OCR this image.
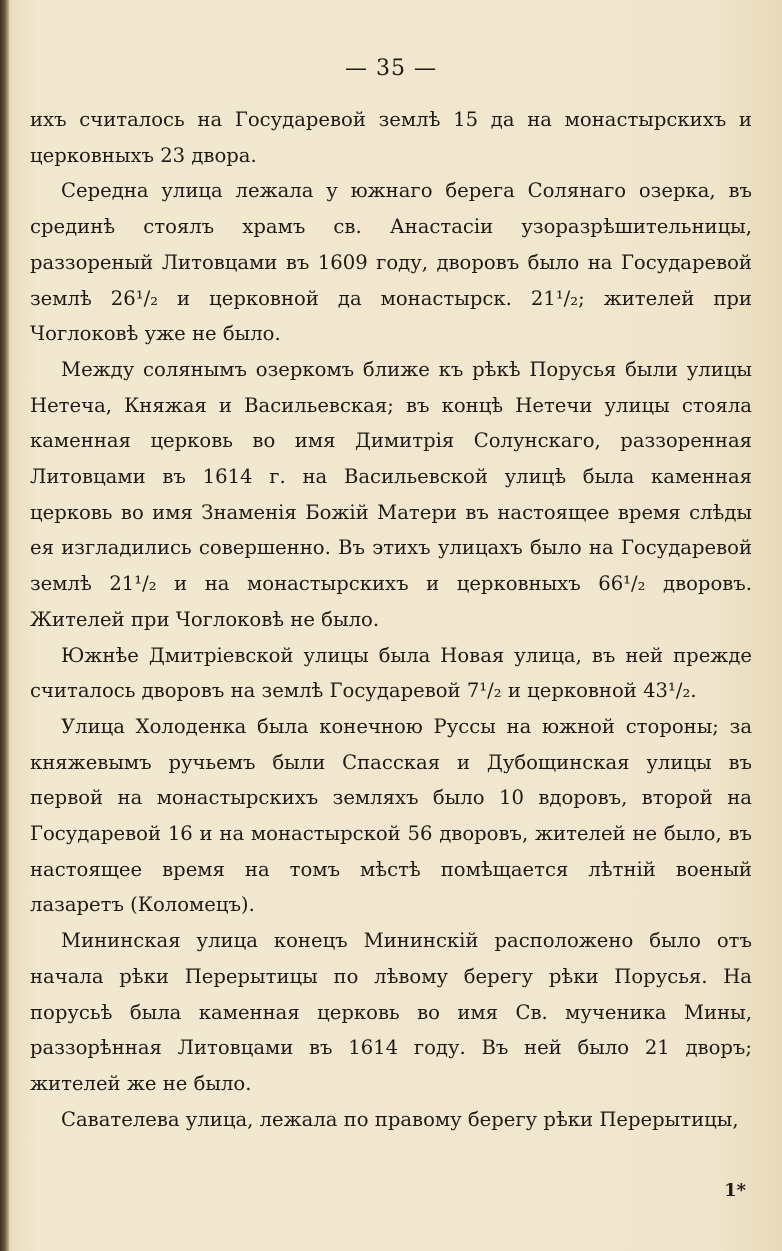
— 35 —

ихъ считалось на Государевой землѣ 15 да на монастырскихъ и церковныхъ 23 двора.

Середна улица лежала у южнаго берега Солянаго озерка, въ срединѣ стоялъ храмъ св. Анастасіи узоразрѣшительницы, раззореный Литовцами въ 1609 году, дворовъ было на Государевой землѣ 26¹/₂ и церковной да монастырск. 21¹/₂; жителей при Чоглоковѣ уже не было.

Между солянымъ озеркомъ ближе къ рѣкѣ Порусья были улицы Нетеча, Княжая и Васильевская; въ концѣ Нетечи улицы стояла каменная церковь во имя Димитрія Солунскаго, раззоренная Литовцами въ 1614 г. на Васильевской улицѣ была каменная церковь во имя Знаменія Божій Матери въ настоящее время слѣды ея изгладились совершенно. Въ этихъ улицахъ было на Государевой землѣ 21¹/₂ и на монастырскихъ и церковныхъ 66¹/₂ дворовъ. Жителей при Чоглоковѣ не было.

Южнѣе Дмитріевской улицы была Новая улица, въ ней прежде считалось дворовъ на землѣ Государевой 7¹/₂ и церковной 43¹/₂.

Улица Холоденка была конечною Руссы на южной стороны; за княжевымъ ручьемъ были Спасская и Дубощинская улицы въ первой на монастырскихъ земляхъ было 10 вдоровъ, второй на Государевой 16 и на монастырской 56 дворовъ, жителей не было, въ настоящее время на томъ мѣстѣ помѣщается лѣтній военый лазаретъ (Коломецъ).

Мининская улица конецъ Мининскій расположено было отъ начала рѣки Перерытицы по лѣвому берегу рѣки Порусья. На порусьѣ была каменная церковь во имя Св. мученика Мины, раззорѣнная Литовцами въ 1614 году. Въ ней было 21 дворъ; жителей же не было.

Савателева улица, лежала по правому берегу рѣки Перерытицы,

1*
